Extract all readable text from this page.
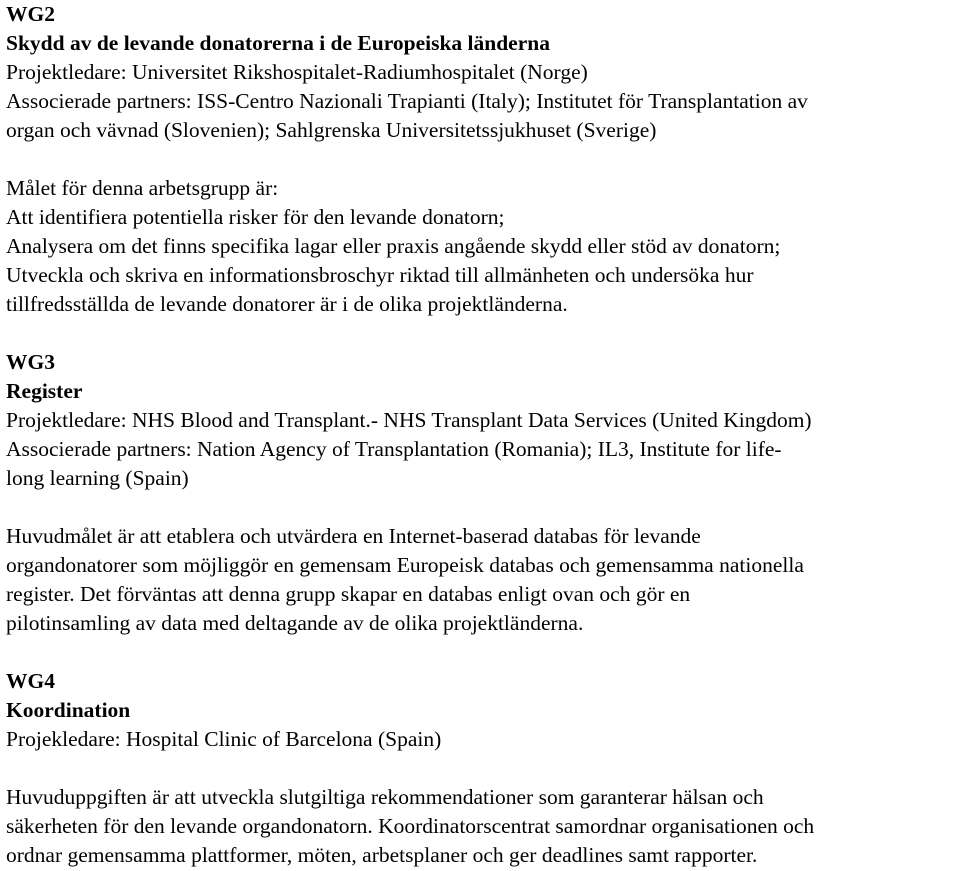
WG2
Skydd av de levande donatorerna i de Europeiska länderna
Projektledare: Universitet Rikshospitalet-Radiumhospitalet (Norge)
Associerade partners: ISS-Centro Nazionali Trapianti (Italy); Institutet för Transplantation av
organ och vävnad (Slovenien); Sahlgrenska Universitetssjukhuset (Sverige)
Målet för denna arbetsgrupp är:
Att identifiera potentiella risker för den levande donatorn;
Analysera om det finns specifika lagar eller praxis angående skydd eller stöd av donatorn;
Utveckla och skriva en informationsbroschyr riktad till allmänheten och undersöka hur
tillfredsställda de levande donatorer är i de olika projektländerna.
WG3
Register
Projektledare: NHS Blood and Transplant.- NHS Transplant Data Services (United Kingdom)
Associerade partners: Nation Agency of Transplantation (Romania); IL3, Institute for life-
long learning (Spain)
Huvudmålet är att etablera och utvärdera en Internet-baserad databas för levande
organdonatorer som möjliggör en gemensam Europeisk databas och gemensamma nationella
register. Det förväntas att denna grupp skapar en databas enligt ovan och gör en
pilotinsamling av data med deltagande av de olika projektländerna.
WG4
Koordination
Projekledare: Hospital Clinic of Barcelona (Spain)
Huvuduppgiften är att utveckla slutgiltiga rekommendationer som garanterar hälsan och
säkerheten för den levande organdonatorn. Koordinatorscentrat samordnar organisationen och
ordnar gemensamma plattformer, möten, arbetsplaner och ger deadlines samt rapporter.
